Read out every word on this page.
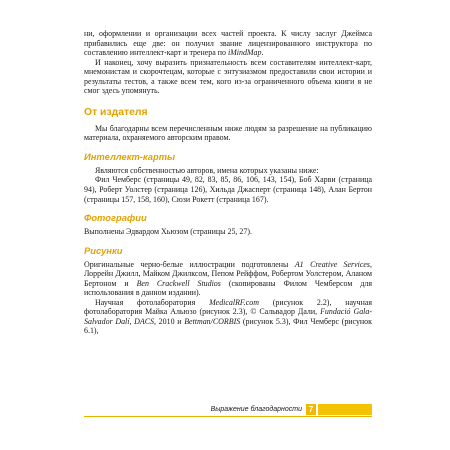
ни, оформлении и организации всех частей проекта. К числу заслуг Джеймса прибавились еще две: он получил звание лицензированного инструктора по составлению интеллект-карт и тренера по iMindMap.

И наконец, хочу выразить признательность всем составителям интеллект-карт, мнемонистам и скорочтецам, которые с энтузиазмом предоставили свои истории и результаты тестов, а также всем тем, кого из-за ограниченного объема книги я не смог здесь упомянуть.

От издателя

Мы благодарны всем перечисленным ниже людям за разрешение на публикацию материала, охраняемого авторским правом.

Интеллект-карты

Являются собственностью авторов, имена которых указаны ниже:

Фил Чемберс (страницы 49, 82, 83, 85, 86, 106, 143, 154), Боб Харви (страница 94), Роберт Уолстер (страница 126), Хильда Джасперт (страница 148), Алан Бертон (страницы 157, 158, 160), Сюзи Рокетт (страница 167).

Фотографии

Выполнены Эдвардом Хьюзом (страницы 25, 27).

Рисунки

Оригинальные черно-белые иллюстрации подготовлены A1 Creative Services, Лоррейн Джилл, Майком Джилксом, Пепом Рейффом, Робертом Уолстером, Аланом Бертоном и Ben Crackwell Studios (скопированы Филом Чемберсом для использования в данном издании).

Научная фотолаборатория MedicalRF.com (рисунок 2.2), научная фотолаборатория Майка Альюзо (рисунок 2.3), © Сальвадор Дали, Fundació Gala-Salvador Dalí, DACS, 2010 и Bettman/CORBIS (рисунок 5.3), Фил Чемберс (рисунок 6.1),

Выражение благодарности 7
